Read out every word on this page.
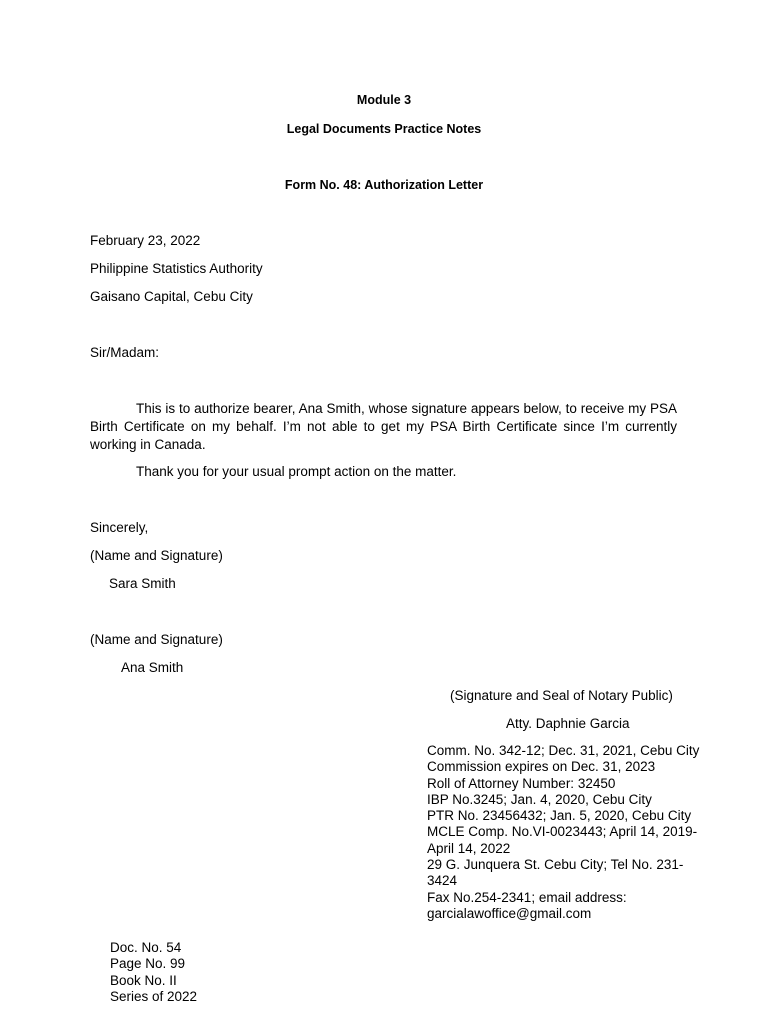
Module 3
Legal Documents Practice Notes
Form No. 48: Authorization Letter
February 23, 2022
Philippine Statistics Authority
Gaisano Capital, Cebu City
Sir/Madam:
This is to authorize bearer, Ana Smith, whose signature appears below, to receive my PSA Birth Certificate on my behalf. I’m not able to get my PSA Birth Certificate since I’m currently working in Canada.
Thank you for your usual prompt action on the matter.
Sincerely,
(Name and Signature)
Sara Smith
(Name and Signature)
Ana Smith
(Signature and Seal of Notary Public)
Atty. Daphnie Garcia
Comm. No. 342-12; Dec. 31, 2021, Cebu City
Commission expires on Dec. 31, 2023
Roll of Attorney Number: 32450
IBP No.3245; Jan. 4, 2020, Cebu City
PTR No. 23456432; Jan. 5, 2020, Cebu City
MCLE Comp. No.VI-0023443; April 14, 2019-
April 14, 2022
29 G. Junquera St. Cebu City; Tel No. 231-
3424
Fax No.254-2341; email address:
garcialawoffice@gmail.com
Doc. No. 54
Page No. 99
Book No. II
Series of 2022
